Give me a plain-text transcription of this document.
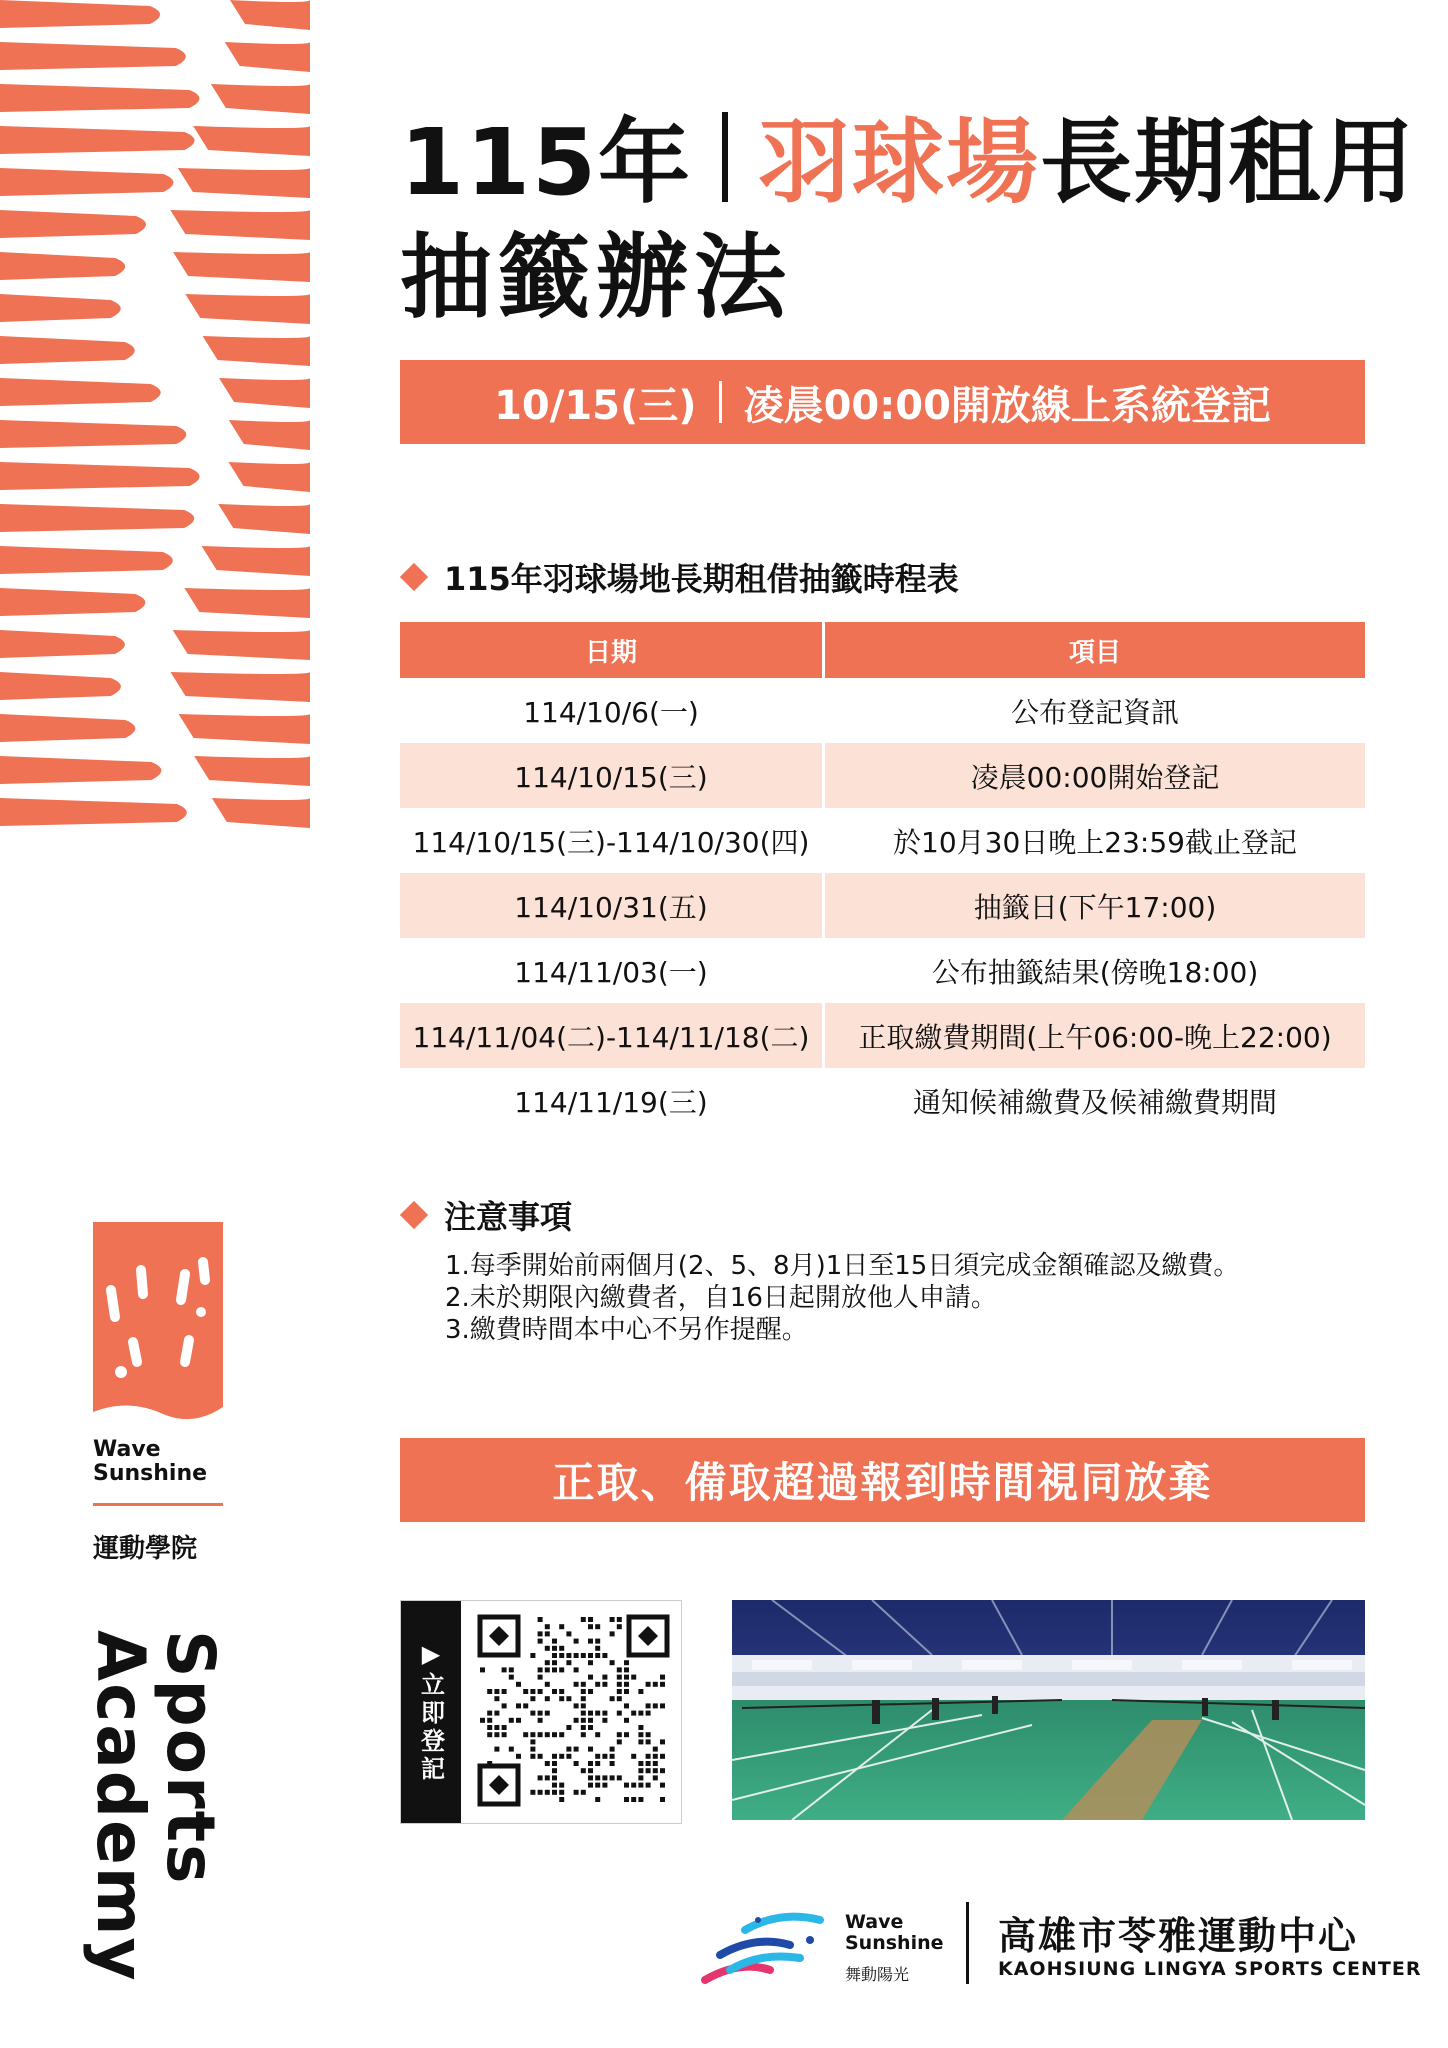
115年 羽球場長期租用
抽籤辦法
10/15(三) 凌晨00:00開放線上系統登記
115年羽球場地長期租借抽籤時程表
日期	項目
114/10/6(一)	公布登記資訊
114/10/15(三)	凌晨00:00開始登記
114/10/15(三)-114/10/30(四)	於10月30日晚上23:59截止登記
114/10/31(五)	抽籤日(下午17:00)
114/11/03(一)	公布抽籤結果(傍晚18:00)
114/11/04(二)-114/11/18(二)	正取繳費期間(上午06:00-晚上22:00)
114/11/19(三)	通知候補繳費及候補繳費期間
注意事項
1.每季開始前兩個月(2、5、8月)1日至15日須完成金額確認及繳費。
2.未於期限內繳費者，自16日起開放他人申請。
3.繳費時間本中心不另作提醒。
正取、備取超過報到時間視同放棄
▶
立即登記
Wave
Sunshine
運動學院
Sports Academy	Wave
Sunshine
舞動陽光
高雄市苓雅運動中心
KAOHSIUNG LINGYA SPORTS CENTER
